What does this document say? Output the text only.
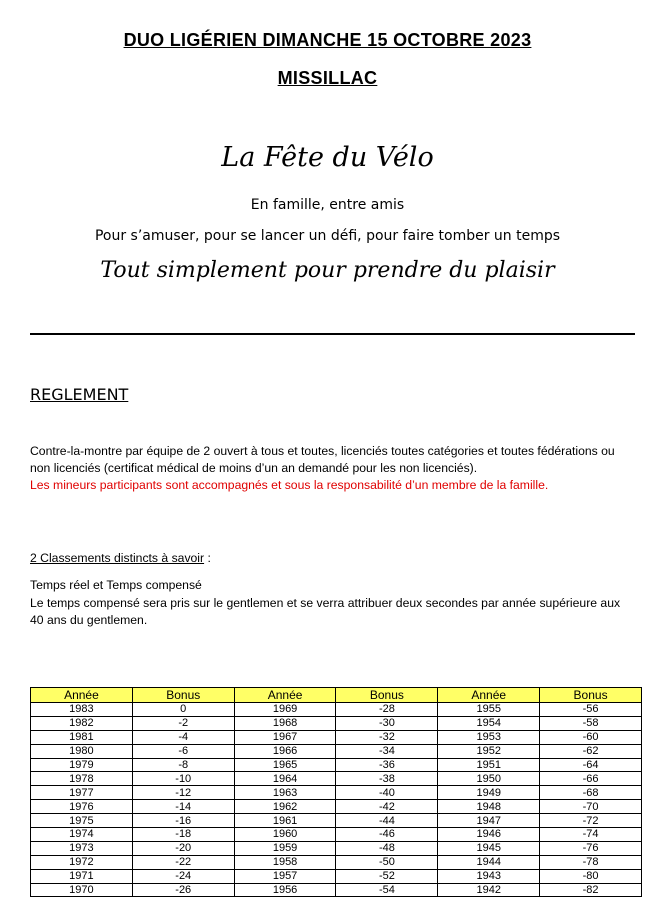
DUO LIGÉRIEN DIMANCHE 15 OCTOBRE 2023
MISSILLAC
La Fête du Vélo
En famille, entre amis
Pour s’amuser, pour se lancer un défi, pour faire tomber un temps
Tout simplement pour prendre du plaisir
REGLEMENT
Contre-la-montre par équipe de 2 ouvert à tous et toutes, licenciés toutes catégories et toutes fédérations ou non licenciés (certificat médical de moins d’un an demandé pour les non licenciés).
Les mineurs participants sont accompagnés et sous la responsabilité d’un membre de la famille.
2 Classements distincts à savoir :
Temps réel et Temps compensé
Le temps compensé sera pris sur le gentlemen et se verra attribuer deux secondes par année supérieure aux 40 ans du gentlemen.
Année	Bonus	Année	Bonus	Année	Bonus
1983	0	1969	-28	1955	-56
1982	-2	1968	-30	1954	-58
1981	-4	1967	-32	1953	-60
1980	-6	1966	-34	1952	-62
1979	-8	1965	-36	1951	-64
1978	-10	1964	-38	1950	-66
1977	-12	1963	-40	1949	-68
1976	-14	1962	-42	1948	-70
1975	-16	1961	-44	1947	-72
1974	-18	1960	-46	1946	-74
1973	-20	1959	-48	1945	-76
1972	-22	1958	-50	1944	-78
1971	-24	1957	-52	1943	-80
1970	-26	1956	-54	1942	-82
